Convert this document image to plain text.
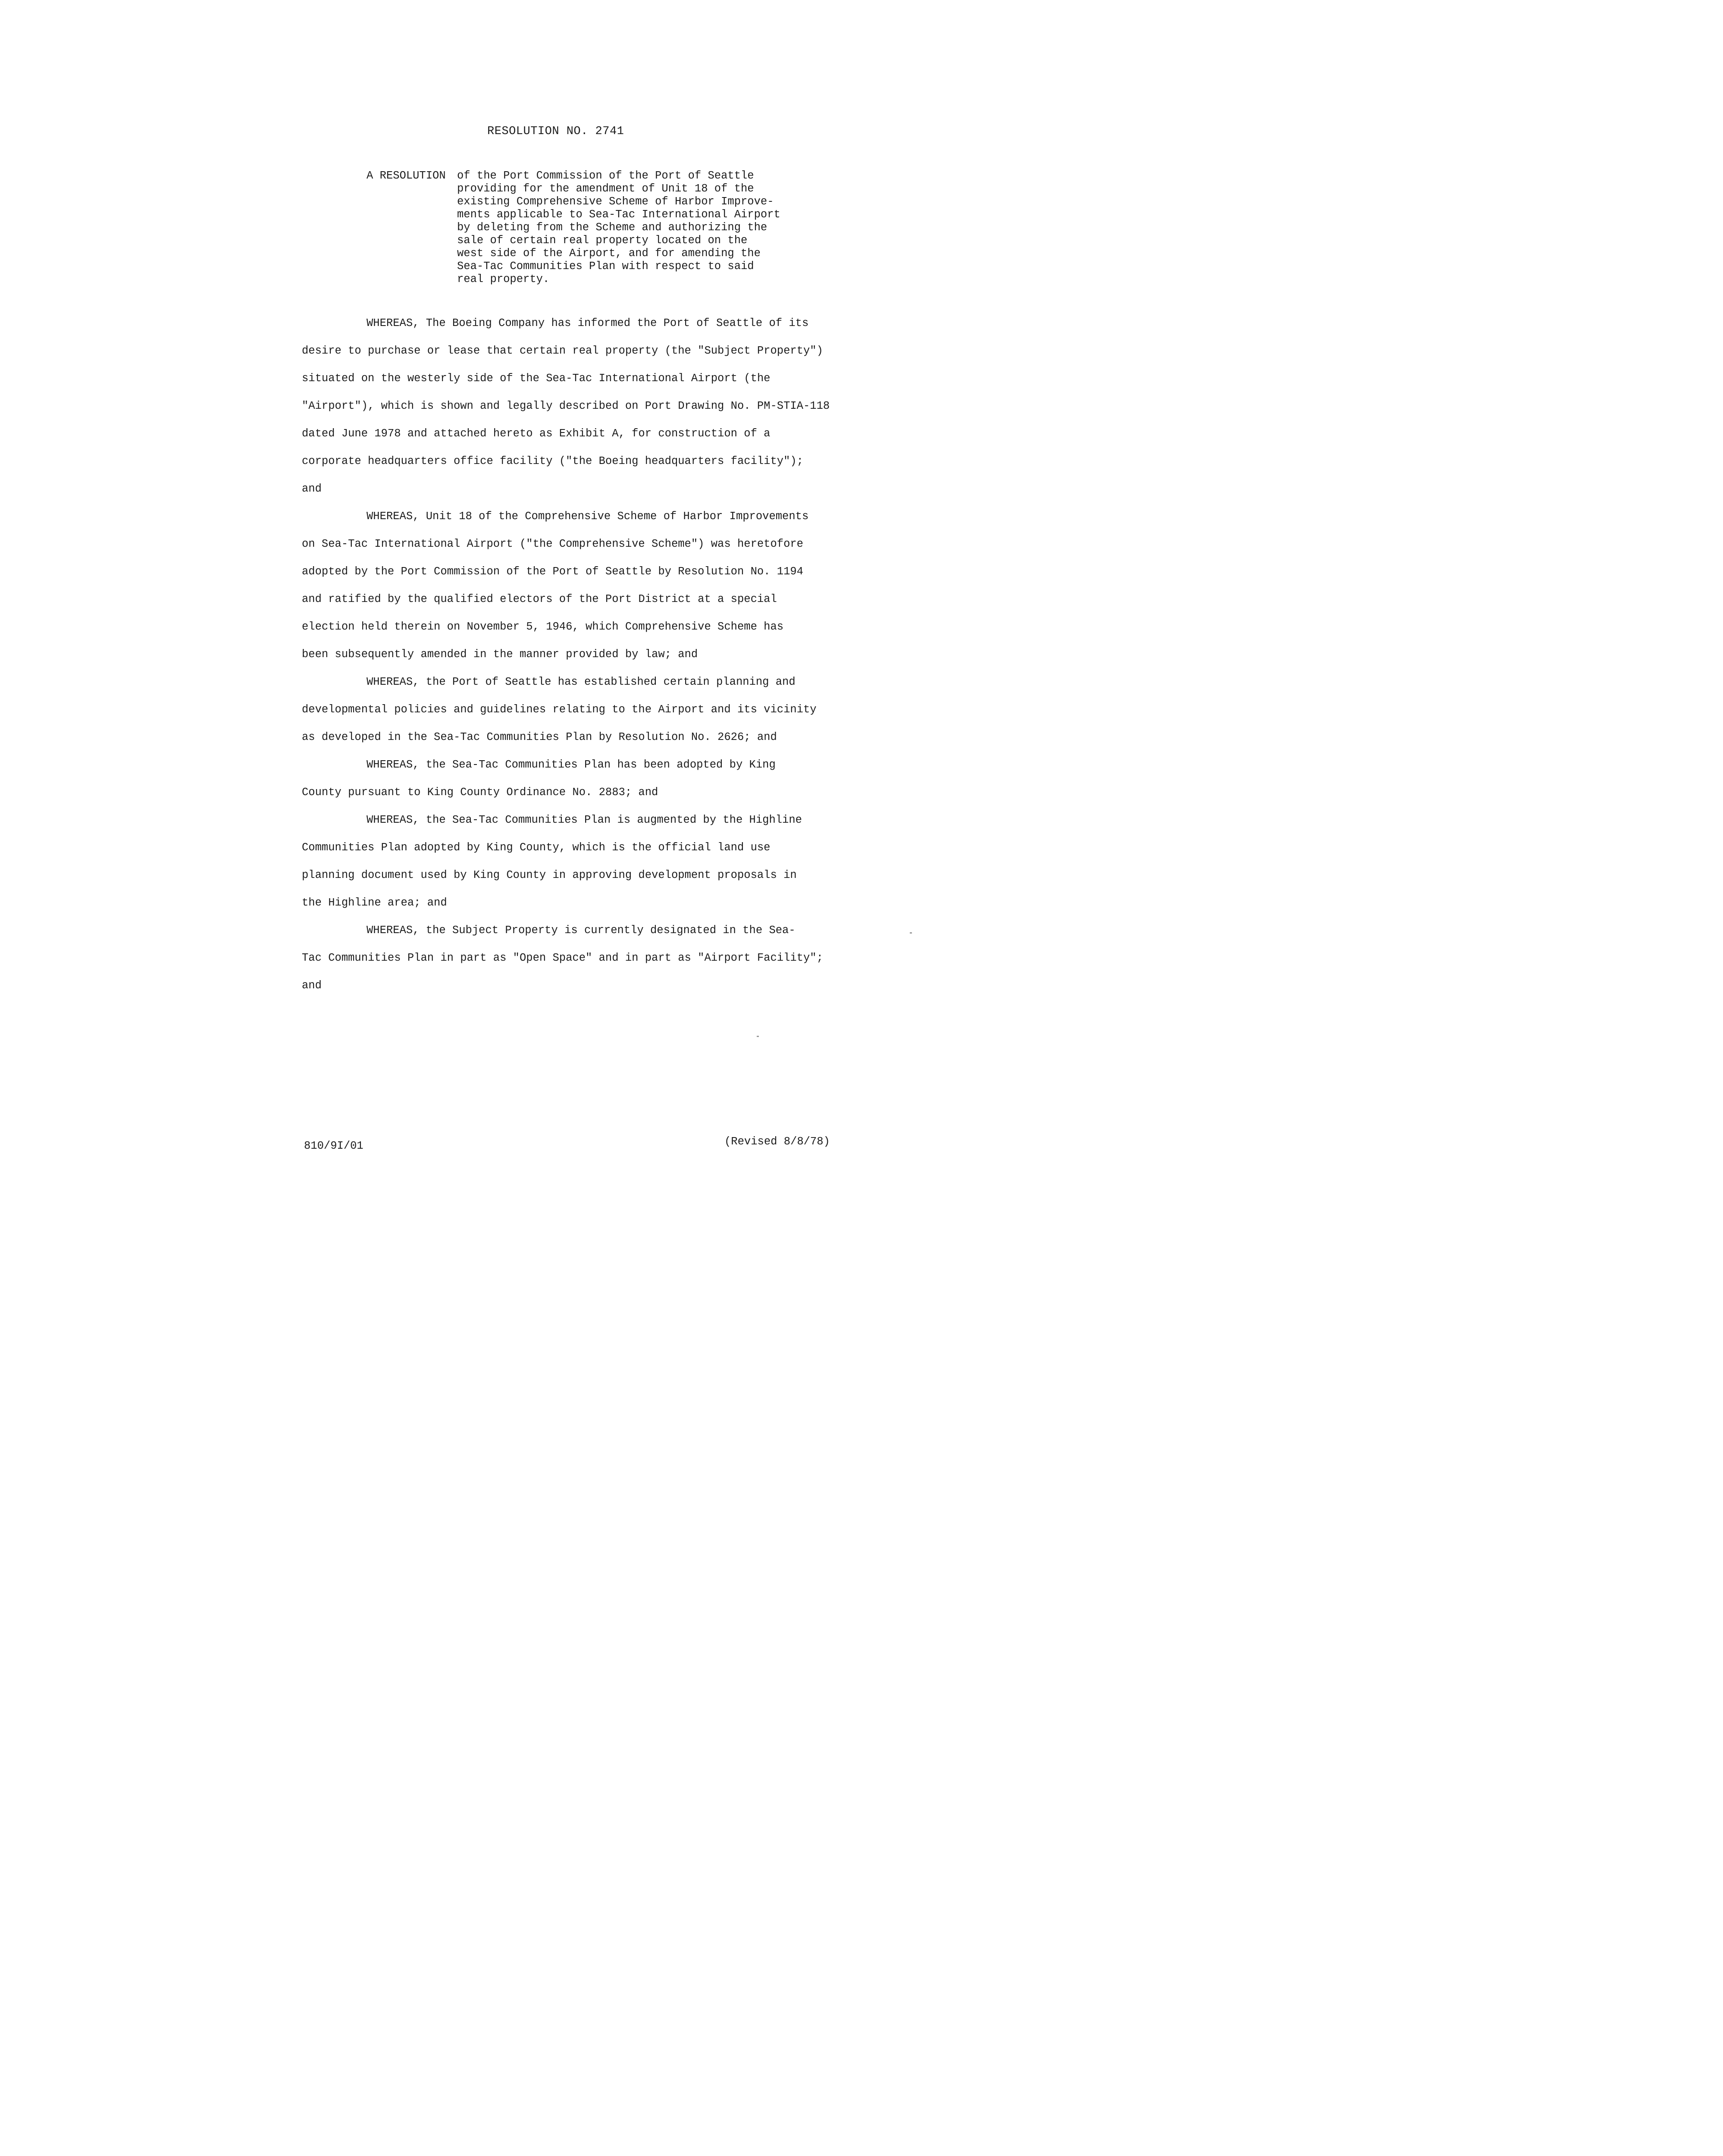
RESOLUTION NO. 2741
A RESOLUTION of the Port Commission of the Port of Seattle
providing for the amendment of Unit 18 of the
existing Comprehensive Scheme of Harbor Improve-
ments applicable to Sea-Tac International Airport
by deleting from the Scheme and authorizing the
sale of certain real property located on the
west side of the Airport, and for amending the
Sea-Tac Communities Plan with respect to said
real property.
WHEREAS, The Boeing Company has informed the Port of Seattle of its
desire to purchase or lease that certain real property (the "Subject Property")
situated on the westerly side of the Sea-Tac International Airport (the
"Airport"), which is shown and legally described on Port Drawing No. PM-STIA-118
dated June 1978 and attached hereto as Exhibit A, for construction of a
corporate headquarters office facility ("the Boeing headquarters facility");
and
WHEREAS, Unit 18 of the Comprehensive Scheme of Harbor Improvements
on Sea-Tac International Airport ("the Comprehensive Scheme") was heretofore
adopted by the Port Commission of the Port of Seattle by Resolution No. 1194
and ratified by the qualified electors of the Port District at a special
election held therein on November 5, 1946, which Comprehensive Scheme has
been subsequently amended in the manner provided by law; and
WHEREAS, the Port of Seattle has established certain planning and
developmental policies and guidelines relating to the Airport and its vicinity
as developed in the Sea-Tac Communities Plan by Resolution No. 2626; and
WHEREAS, the Sea-Tac Communities Plan has been adopted by King
County pursuant to King County Ordinance No. 2883; and
WHEREAS, the Sea-Tac Communities Plan is augmented by the Highline
Communities Plan adopted by King County, which is the official land use
planning document used by King County in approving development proposals in
the Highline area; and
WHEREAS, the Subject Property is currently designated in the Sea-
Tac Communities Plan in part as "Open Space" and in part as "Airport Facility";
and
810/9I/01	(Revised 8/8/78)
